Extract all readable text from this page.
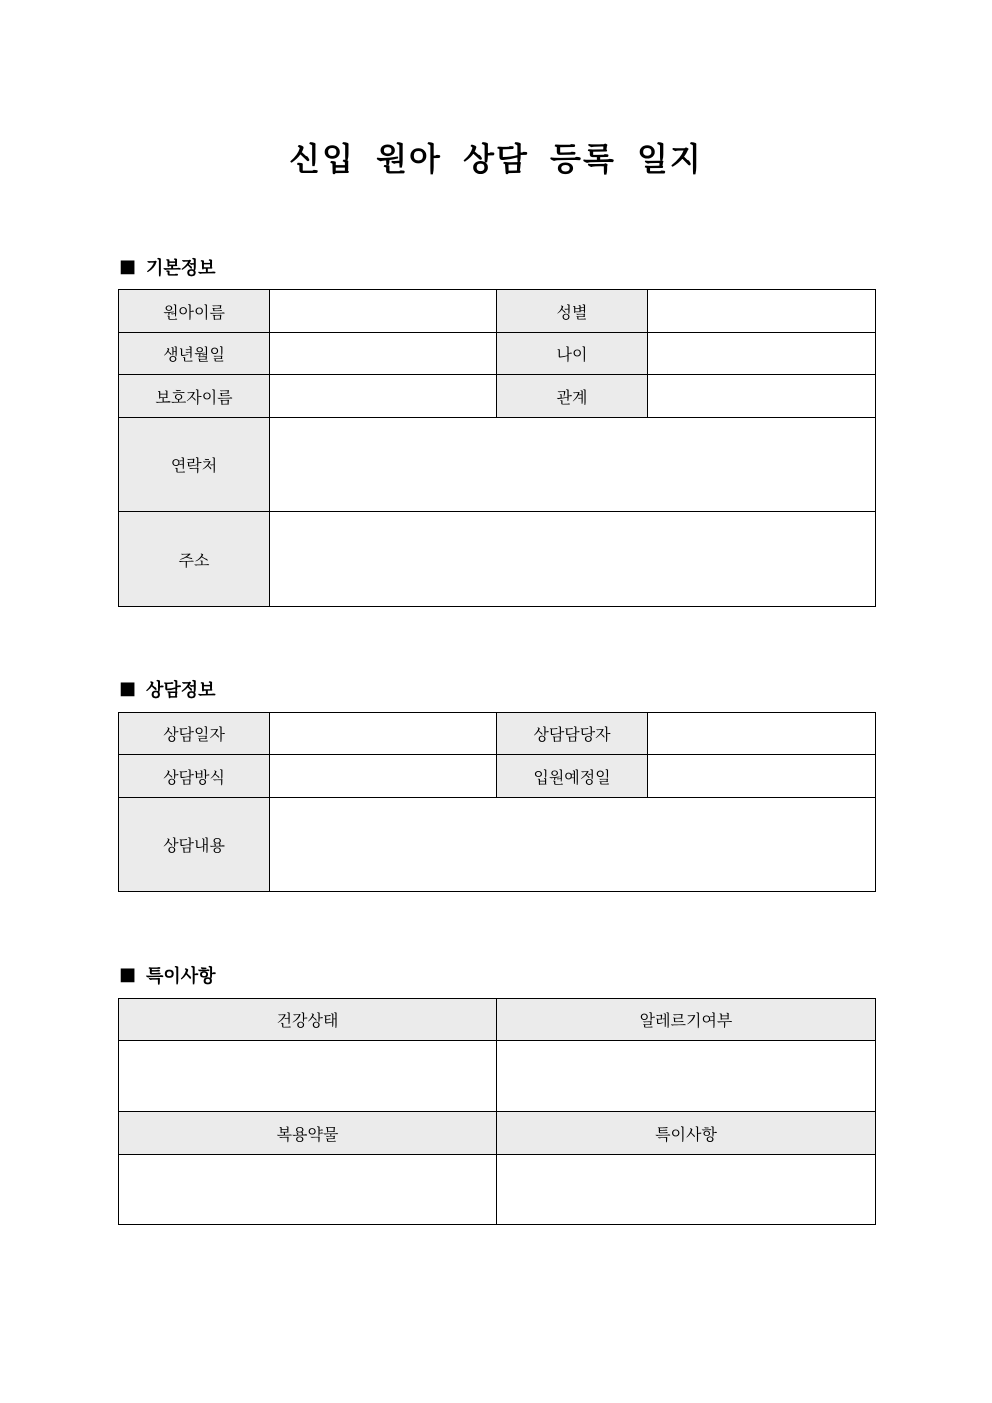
신입 원아 상담 등록 일지
■ 기본정보
원아이름		성별	
생년월일		나이	
보호자이름		관계	
연락처			
주소			
■ 상담정보
상담일자		상담담당자	
상담방식		입원예정일	
상담내용			
■ 특이사항
건강상태	알레르기여부

복용약물	특이사항
